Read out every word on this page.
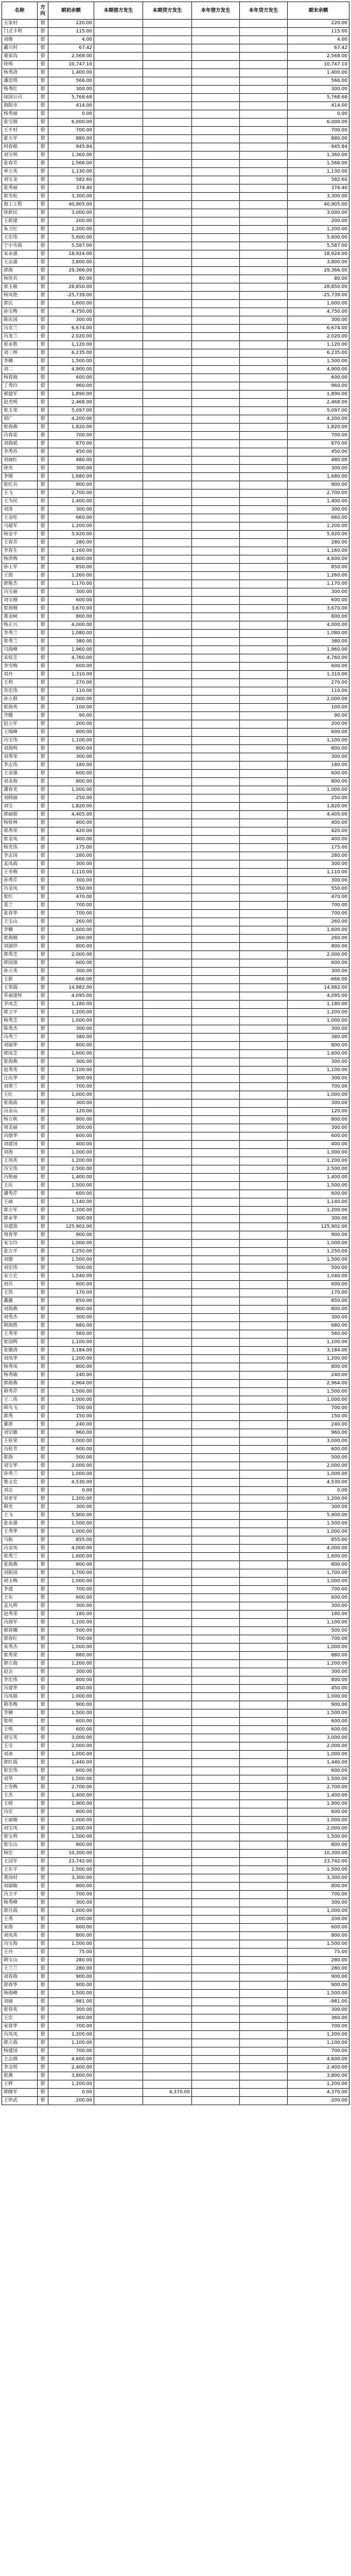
名称	方向	期初余额	本期借方发生	本期贷方发生	本年借方发生	本年贷方发生	期末余额
五家村	借	220.00					220.00
门式卡利	借	115.00					115.00
刘俊	借	4.00					4.00
鑫兴村	借	67.42					67.42
栗家沟	借	2,568.00					2,568.00
徐明	借	10,747.10					10,747.10
杨秀清	借	1,400.00					1,400.00
潘思琪	借	566.00					566.00
杨秀红	借	300.00					300.00
绿园公司	借	5,768.68					5,768.68
海阳市	借	414.00					414.00
杨秀丽	借	0.00					0.00
张宝刚	借	6,000.00					6,000.00
王平村	借	700.00					700.00
霍大军	借	880.00					880.00
何春根	借	945.84					945.84
刘宝明	借	1,360.00					1,360.00
张春芳	借	1,566.00					1,566.00
单立英	借	1,130.00					1,130.00
刘宝龙	借	582.60					582.60
张秀丽	借	374.40					374.40
崔雪松	借	3,300.00					3,300.00
海工工程	借	40,905.00					40,905.00
徐新民	借	3,000.00					3,000.00
王新建	借	200.00					200.00
朱卫红	借	1,200.00					1,200.00
王宏伟	借	5,600.00					5,600.00
宁小雪霞	借	5,587.00					5,587.00
宋永强	借	18,924.00					18,924.00
王志强	借	3,800.00					3,800.00
郭海	借	29,366.00					29,366.00
杨佳兵	借	80.00					80.00
崔玉敏	借	28,850.00					28,850.00
杨凤艳	借	-25,739.00					-25,739.00
郭氏	借	1,600.00					1,600.00
孙宝梅	借	4,750.00					4,750.00
陈庆国	借	300.00					300.00
冯克兰	借	6,674.00					6,674.00
冯龙兰	借	2,020.00					2,020.00
崔永胜	借	1,120.00					1,120.00
刘三帅	借	6,235.00					6,235.00
李楠	借	1,500.00					1,500.00
刘二	借	4,900.00					4,900.00
杨春海	借	600.00					600.00
丁秀玲	借	960.00					960.00
郝建军	借	1,890.00					1,890.00
赵光明	借	2,468.00					2,468.00
崔玉荣	借	5,097.00					5,097.00
胡广	借	4,200.00					4,200.00
崔海燕	借	1,820.00					1,820.00
冯春雷	借	700.00					700.00
刘海斌	借	870.00					870.00
李秀苏	借	450.00					450.00
刘丽红	借	480.00					480.00
徐亮	借	300.00					300.00
李刚	借	1,680.00					1,680.00
崔红兵	借	900.00					900.00
王飞	借	2,700.00					2,700.00
王为民	借	1,400.00					1,400.00
刘涛	借	300.00					300.00
王金旺	借	660.00					660.00
马超军	借	1,200.00					1,200.00
杨金平	借	5,920.00					5,920.00
王春芳	借	280.00					280.00
李春生	借	1,160.00					1,160.00
杨洪梅	借	4,600.00					4,600.00
孙士军	借	850.00					850.00
王海	借	1,260.00					1,260.00
郭艳杰	借	1,170.00					1,170.00
冯宝丽	借	300.00					300.00
刘宝刚	借	600.00					600.00
崔海刚	借	3,670.00					3,670.00
黄金树	借	800.00					800.00
杨正兴	借	4,000.00					4,000.00
李秀兰	借	1,080.00					1,080.00
崔秀兰	借	380.00					380.00
闫海峰	借	1,960.00					1,960.00
宋桂芝	借	4,760.00					4,760.00
李雪梅	借	600.00					600.00
刘丹	借	1,310.00					1,310.00
王利	借	270.00					270.00
苏宏伟	借	110.00					110.00
孙立群	借	2,000.00					2,000.00
崔海英	借	100.00					100.00
齐健	借	90.00					90.00
赵立军	借	200.00					200.00
王瑞峰	借	600.00					600.00
冯宝伟	借	1,100.00					1,100.00
刘海明	借	800.00					800.00
刘秀荣	借	300.00					300.00
李志伟	借	180.00					180.00
王金强	借	600.00					600.00
刘金海	借	800.00					800.00
潘春光	借	1,000.00					1,000.00
刘晓丽	借	250.00					250.00
刘宝	借	1,820.00					1,820.00
郭丽娟	借	4,405.00					4,405.00
杨桂林	借	400.00					400.00
邢秀荣	借	420.00					420.00
崔金凤	借	400.00					400.00
杨光伟	借	175.00					175.00
李志国	借	280.00					280.00
孟凤霞	借	300.00					300.00
王冬梅	借	1,110.00					1,110.00
孙秀芹	借	300.00					300.00
冯金凤	借	550.00					550.00
崔红	借	470.00					470.00
姜兰	借	700.00					700.00
张春华	借	700.00					700.00
王宝山	借	260.00					260.00
李楠	借	1,600.00					1,600.00
崔海刚	借	260.00					260.00
刘淑珍	借	800.00					800.00
郭秀芝	借	2,000.00					2,000.00
郭国强	借	600.00					600.00
孙立英	借	300.00					300.00
王新	借	-666.00					-666.00
王荣霞	借	14,982.00					14,982.00
乔福建材	借	4,095.00					4,095.00
李凤芝	借	1,180.00					1,180.00
郭卫平	借	1,200.00					1,200.00
杨秀芝	借	1,000.00					1,000.00
陈秀杰	借	300.00					300.00
冯秀兰	借	380.00					380.00
刘淑华	借	800.00					800.00
郭凤芝	借	1,600.00					1,600.00
崔海燕	借	300.00					300.00
赵秀英	借	1,100.00					1,100.00
汪庆华	借	300.00					300.00
刘翠兰	借	700.00					700.00
王红	借	1,000.00					1,000.00
崔海波	借	300.00					300.00
冯金山	借	120.00					120.00
杨万秋	借	800.00					800.00
周美丽	借	300.00					300.00
冯德华	借	600.00					600.00
刘建国	借	400.00					400.00
刘海	借	1,000.00					1,000.00
王凤英	借	1,200.00					1,200.00
冯宝伟	借	2,500.00					2,500.00
冯艳丽	借	1,400.00					1,400.00
王庆	借	1,500.00					1,500.00
潘秀芹	借	600.00					600.00
王丽	借	1,140.00					1,140.00
郭立军	借	1,200.00					1,200.00
郭永华	借	300.00					300.00
谷建波	借	125,902.00					125,902.00
周春华	借	900.00					900.00
宋宝玲	借	1,000.00					1,000.00
张万平	借	1,250.00					1,250.00
刘德	借	1,500.00					1,500.00
刘宏伟	借	500.00					500.00
宋立宏	借	1,040.00					1,040.00
刘兵	借	600.00					600.00
王凯	借	170.00					170.00
鑫鑫	借	850.00					850.00
刘海燕	借	800.00					800.00
刘秀杰	借	300.00					300.00
韩海胜	借	680.00					680.00
王秀荣	借	560.00					560.00
崔国辉	借	1,100.00					1,100.00
张德清	借	3,184.00					3,184.00
刘凤华	借	1,200.00					1,200.00
杨秀凤	借	800.00					800.00
杨秀敏	借	240.00					240.00
郭海燕	借	2,964.00					2,964.00
韩秀芹	借	1,500.00					1,500.00
王二伟	借	1,000.00					1,000.00
韩鸟飞	借	700.00					700.00
郭秀	借	150.00					150.00
董唐	借	240.00					240.00
刘宗敏	借	960.00					960.00
王桂荣	借	3,000.00					3,000.00
冯桂芳	借	600.00					600.00
崔海	借	500.00					500.00
刘宝华	借	2,000.00					2,000.00
孙秀兰	借	1,000.00					1,000.00
蔡义宏	借	4,530.00					4,530.00
刘志	借	0.00					0.00
刘亚军	借	1,200.00					1,200.00
韩光	借	300.00					300.00
王飞	借	5,900.00					5,900.00
张永强	借	1,500.00					1,500.00
王秀华	借	1,000.00					1,000.00
马振	借	855.00					855.00
冯金凤	借	4,000.00					4,000.00
崔秀兰	借	1,600.00					1,600.00
张海燕	借	800.00					800.00
刘振国	借	1,700.00					1,700.00
胡玉梅	借	1,000.00					1,000.00
李建	借	700.00					700.00
王东	借	600.00					600.00
孟凡辉	借	300.00					300.00
赵秀荣	借	180.00					180.00
冯海军	借	1,100.00					1,100.00
郝春娜	借	500.00					500.00
郭春红	借	700.00					700.00
宋秀杰	借	1,000.00					1,000.00
崔秀荣	借	880.00					880.00
郭立海	借	1,200.00					1,200.00
赵会	借	300.00					300.00
李宏伟	借	800.00					800.00
冯建华	借	450.00					450.00
冯凤娟	借	1,000.00					1,000.00
韩冬梅	借	900.00					900.00
李楠	借	1,500.00					1,500.00
崔明	借	600.00					600.00
王明	借	600.00					600.00
刘宝英	借	3,000.00					3,000.00
王宝	借	2,000.00					2,000.00
刘冰	借	1,000.00					1,000.00
郭红霞	借	1,440.00					1,440.00
崔宏伟	借	600.00					600.00
刘华	借	1,500.00					1,500.00
王雪梅	借	2,700.00					2,700.00
王杰	借	1,400.00					1,400.00
王晓	借	1,900.00					1,900.00
冯宏	借	600.00					600.00
王丽敏	借	1,000.00					1,000.00
刘宝凤	借	2,000.00					2,000.00
崔宝利	借	1,500.00					1,500.00
崔宝山	借	800.00					800.00
杨宏	借	10,300.00					10,300.00
王国军	借	23,742.00					23,742.00
王东平	借	1,500.00					1,500.00
黄岗村	借	3,300.00					3,300.00
刘淑敏	借	800.00					800.00
冯卫平	借	700.00					700.00
杨秀峰	借	300.00					300.00
郭月霞	借	1,000.00					1,000.00
王秀	借	200.00					200.00
宋海	借	600.00					600.00
刘凤英	借	800.00					800.00
冯宝海	借	1,500.00					1,500.00
王丹	借	75.00					75.00
韩宝山	借	280.00					280.00
王兰兰	借	280.00					280.00
刘春海	借	900.00					900.00
郭春华	借	900.00					900.00
杨海峰	借	1,500.00					1,500.00
刘丽	借	-981.00					-981.00
崔春英	借	300.00					300.00
王宏	借	360.00					360.00
宋春华	借	700.00					700.00
冯凤凤	借	1,200.00					1,200.00
郭立霞	借	1,100.00					1,100.00
杨建国	借	700.00					700.00
王志刚	借	4,600.00					4,600.00
李文明	借	2,400.00					2,400.00
崔燕	借	3,800.00					3,800.00
王辉	借	1,200.00					1,200.00
郭继军	借	0.00		4,370.00			4,370.00
王仲武	借	200.00					200.00
